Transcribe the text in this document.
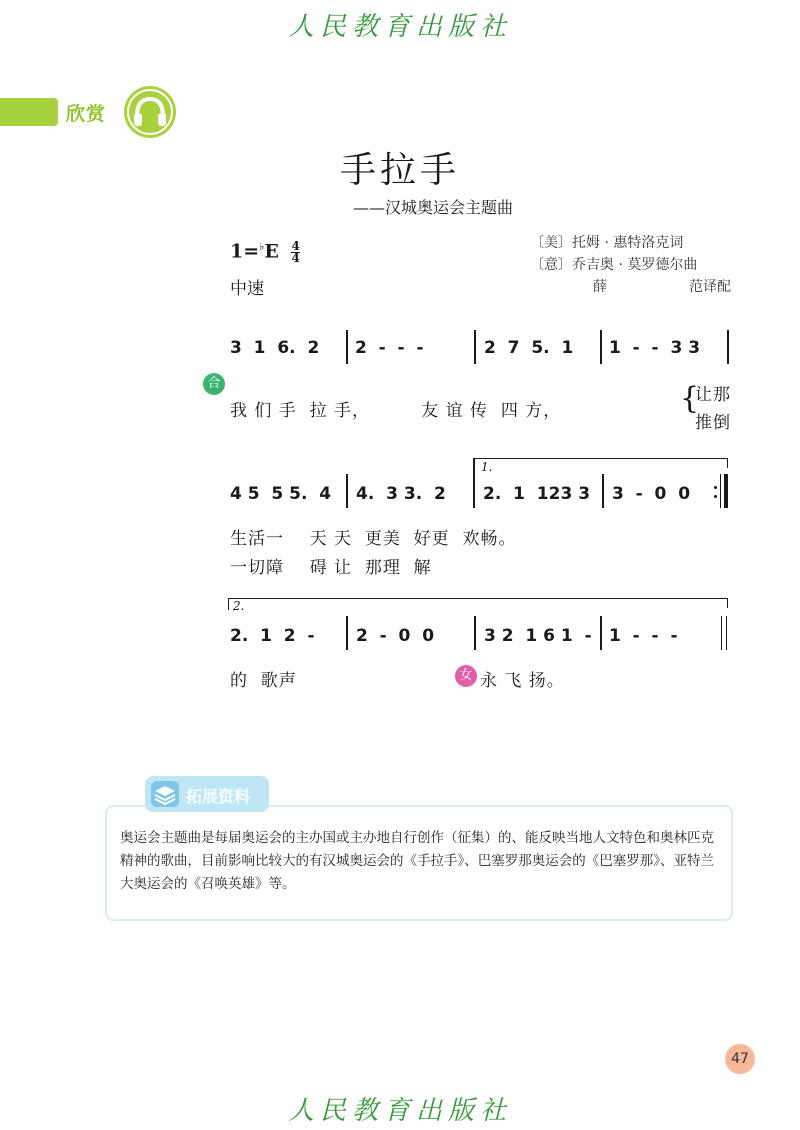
人民教育出版社
欣赏
手拉手
——汉城奥运会主题曲
$1=^♭E \frac{4}{4}$
中速
〔美〕托姆 · 惠特洛克词
〔意〕乔吉奥 · 莫罗德尔曲
薛	范译配
3  1  6.  2 2  -  -  -	2  7  5.  1 1  -  -  3 3
合
我 们 手  拉 手，        友 谊 传  四 方，	{
让那
推倒
4 5  5 5.  4 4.  3 3.  2
1.
2.  1  123 3 3  -  0  0
生活一    天 天  更美  好更  欢畅。
一切障    碍 让  那理  解
2.
2.  1  2  - 2  -  0  0	3 2  1 6 1  - 1  -  -  -
的  歌声	女 永 飞 扬。
拓展资料
奥运会主题曲是每届奥运会的主办国或主办地自行创作（征集）的、能反映当地人文特色和奥林匹克精神的歌曲，目前影响比较大的有汉城奥运会的《手拉手》、巴塞罗那奥运会的《巴塞罗那》、亚特兰大奥运会的《召唤英雄》等。
47
人民教育出版社
